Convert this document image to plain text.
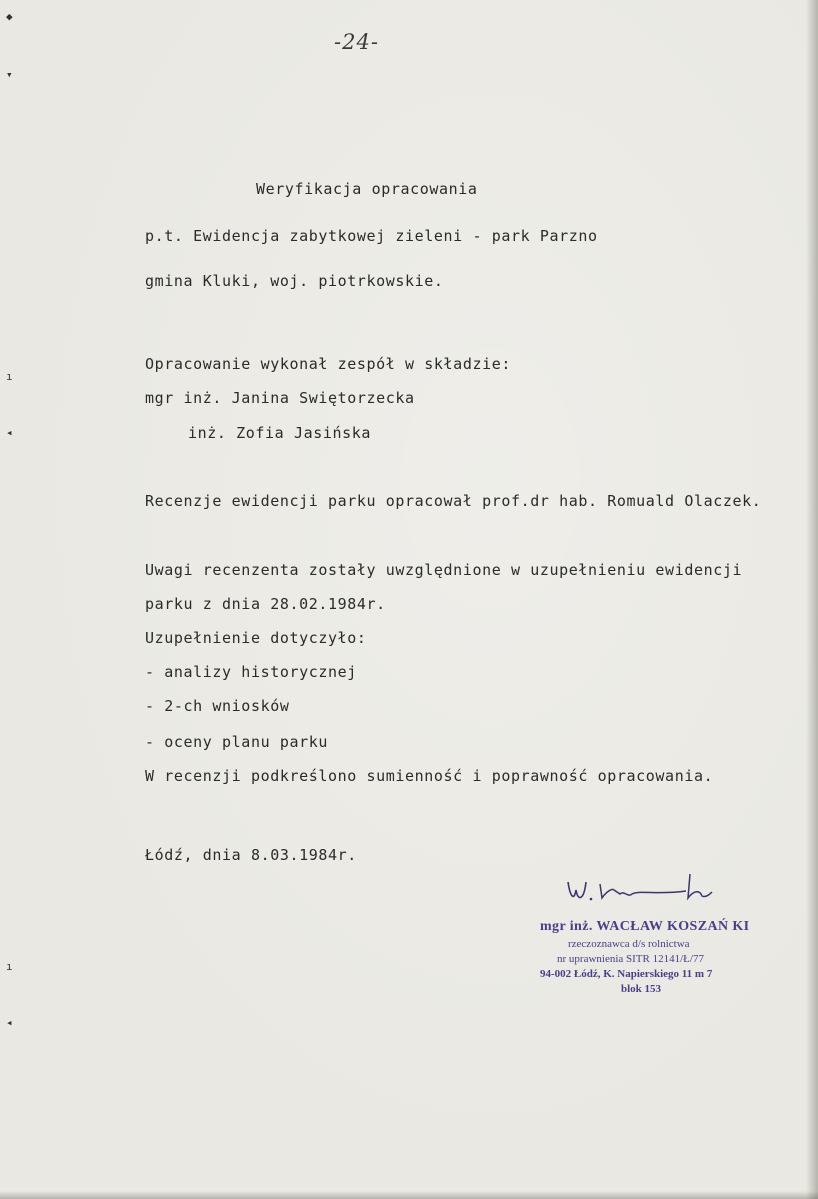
◆
▾
ı
◂
ı
◂
-24-
Weryfikacja opracowania
p.t. Ewidencja zabytkowej zieleni - park Parzno
gmina Kluki, woj. piotrkowskie.
Opracowanie wykonał zespół w składzie:
mgr inż. Janina Swiętorzecka
inż. Zofia Jasińska
Recenzje ewidencji parku opracował prof.dr hab. Romuald Olaczek.
Uwagi recenzenta zostały uwzględnione w uzupełnieniu ewidencji
parku z dnia 28.02.1984r.
Uzupełnienie dotyczyło:
- analizy historycznej
- 2-ch wniosków
- oceny planu parku
W recenzji podkreślono sumienność i poprawność opracowania.
Łódź, dnia 8.03.1984r.
mgr inż. WACŁAW KOSZAŃ KI
rzeczoznawca d/s rolnictwa
nr uprawnienia SITR 12141/Ł/77
94-002 Łódź, K. Napierskiego 11 m 7
blok 153
